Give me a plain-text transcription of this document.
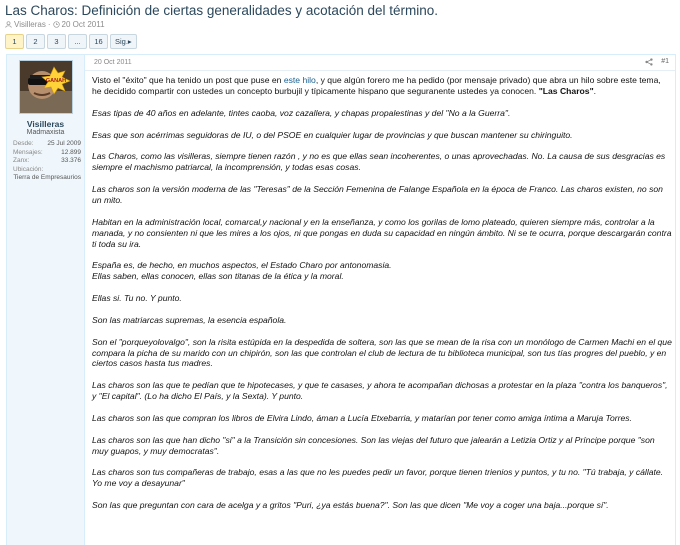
Las Charos: Definición de ciertas generalidades y acotación del término.
Visilleras · 20 Oct 2011
1	2	3	...	16	Sig.▸
GANAH
Visilleras
Madmaxista
Desde: 25 Jul 2009
Mensajes:	12.899
Zanx:	33.376
Ubicación:
Tierra de Empresaurios
20 Oct 2011	#1

Visto el "éxito" que ha tenido un post que puse en este hilo, y que algún forero me ha pedido (por mensaje privado) que abra un hilo sobre este tema, he decidido compartir con ustedes un concepto burbujil y típicamente hispano que seguranente ustedes ya conocen. "Las Charos".

Esas tipas de 40 años en adelante, tintes caoba, voz cazallera, y chapas propalestinas y del "No a la Guerra".

Esas que son acérrimas seguidoras de IU, o del PSOE en cualquier lugar de provincias y que buscan mantener su chiringuito.

Las Charos, como las visilleras, siempre tienen razón , y no es que ellas sean incoherentes, o unas aprovechadas. No. La causa de sus desgracias es siempre el machismo patriarcal, la incomprensión, y todas esas cosas.

Las charos son la versión moderna de las "Teresas" de la Sección Femenina de Falange Española en la época de Franco. Las charos existen, no son un mito.

Habitan en la administración local, comarcal,y nacional y en la enseñanza, y como los gorilas de lomo plateado, quieren siempre más, controlar a la manada, y no consienten ni que les mires a los ojos, ni que pongas en duda su capacidad en ningún ámbito. Ni se te ocurra, porque descargarán contra ti toda su ira.

España es, de hecho, en muchos aspectos, el Estado Charo por antonomasia.
Ellas saben, ellas conocen, ellas son titanas de la ética y la moral.

Ellas si. Tu no. Y punto.

Son las matriarcas supremas, la esencia española.

Son el "porqueyolovalgo", son la risita estúpida en la despedida de soltera, son las que se mean de la risa con un monólogo de Carmen Machi en el que compara la picha de su marido con un chipirón, son las que controlan el club de lectura de tu biblioteca municipal, son tus tías progres del pueblo, y en ciertos casos hasta tus madres.

Las charos son las que te pedían que te hipotecases, y que te casases, y ahora te acompañan dichosas a protestar en la plaza "contra los banqueros", y "El capital". (Lo ha dicho El País, y la Sexta). Y punto.

Las charos son las que compran los libros de Elvira Lindo, áman a Lucía Etxebarria, y matarían por tener como amiga íntima a Maruja Torres.

Las charos son las que han dicho "si" a la Transición sin concesiones. Son las viejas del futuro que jalearán a Letizia Ortiz y al Príncipe porque "son muy guapos, y muy democratas".

Las charos son tus compañeras de trabajo, esas a las que no les puedes pedir un favor, porque tienen trienios y puntos, y tu no. "Tú trabaja, y cállate. Yo me voy a desayunar"

Son las que preguntan con cara de acelga y a gritos "Puri, ¿ya estás buena?". Son las que dicen "Me voy a coger una baja...porque sí".
